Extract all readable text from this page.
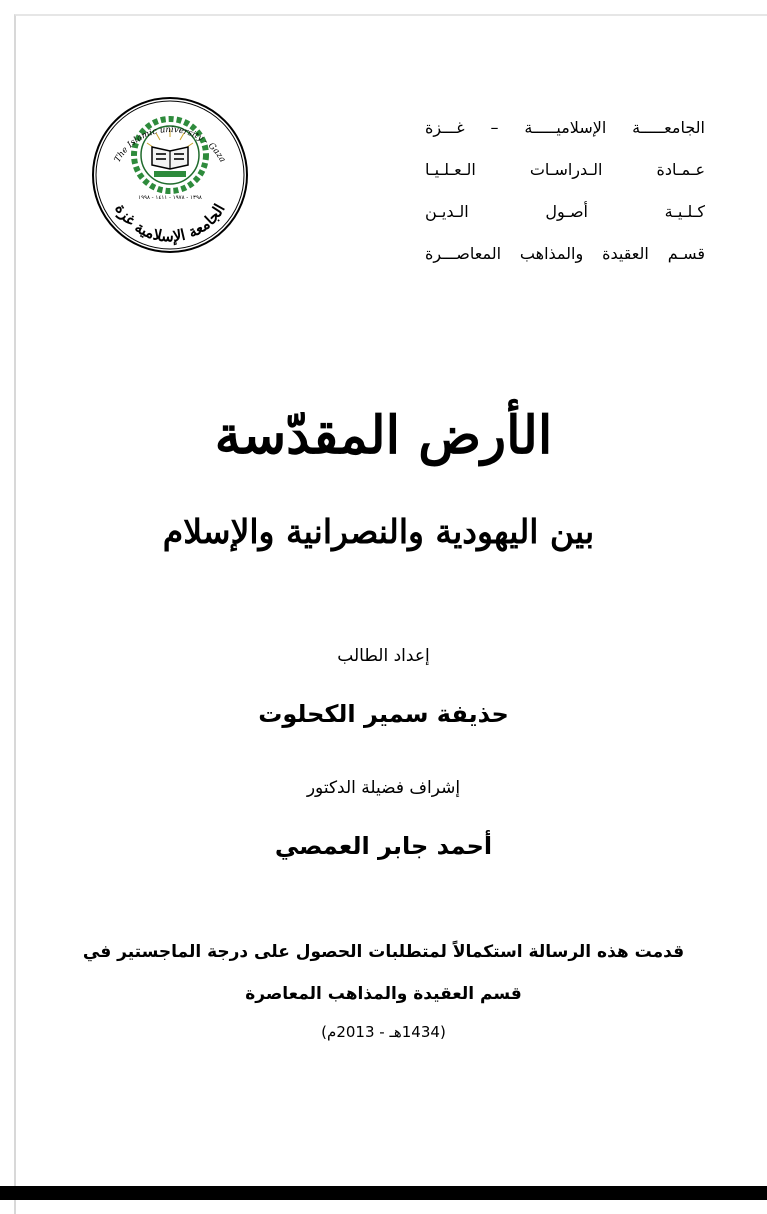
الجامعـــــة الإسلاميـــــة – غـــزة
عـمـادة الـدراسـات الـعـلـيـا
كـلـيـة أصـول الـديـن
قسـم العقيدة والمذاهب المعاصـــرة
الجامعة الإسلامية غزة
The Islamic university - Gaza
١٣٩٨ - ١٩٧٨ - ١٤١١ - ١٩٩٨
الأرض المقدّسة
بين اليهودية والنصرانية والإسلام
إعداد الطالب
حذيفة سمير الكحلوت
إشراف فضيلة الدكتور
أحمد جابر العمصي
قدمت هذه الرسالة استكمالاً لمتطلبات الحصول على درجة الماجستير في
قسم العقيدة والمذاهب المعاصرة
(1434هـ - 2013م)
